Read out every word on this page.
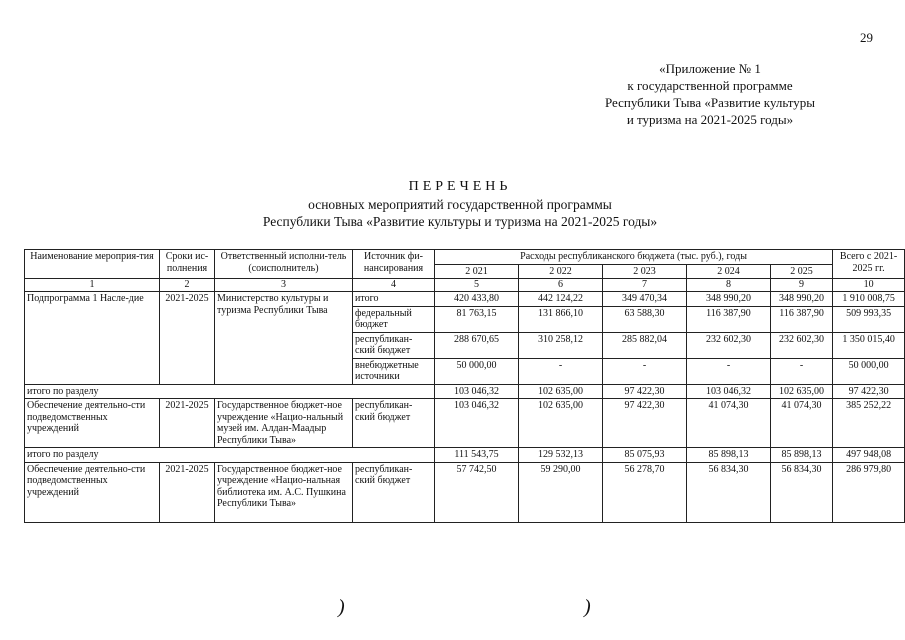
29
«Приложение № 1
к государственной программе
Республики Тыва «Развитие культуры
и туризма на 2021-2025 годы»
ПЕРЕЧЕНЬ
основных мероприятий государственной программы
Республики Тыва «Развитие культуры и туризма на 2021-2025 годы»
Наименование мероприя-тия	Сроки ис-полнения	Ответственный исполни-тель (соисполнитель)	Источник фи-нансирования	Расходы республиканского бюджета (тыс. руб.), годы					Всего с 2021-2025 гг.
				2 021	2 022	2 023	2 024	2 025	
1	2	3	4	5	6	7	8	9	10
Подпрограмма 1 Насле-дие	2021-2025	Министерство культуры и туризма Республики Тыва	итого	420 433,80	442 124,22	349 470,34	348 990,20	348 990,20	1 910 008,75
			федеральный бюджет	81 763,15	131 866,10	63 588,30	116 387,90	116 387,90	509 993,35
			республикан-ский бюджет	288 670,65	310 258,12	285 882,04	232 602,30	232 602,30	1 350 015,40
			внебюджетные источники	50 000,00	-	-	-	-	50 000,00
итого по разделу				103 046,32	102 635,00	97 422,30	103 046,32	102 635,00	97 422,30
Обеспечение деятельно-сти подведомственных учреждений	2021-2025	Государственное бюджет-ное учреждение «Нацио-нальный музей им. Алдан-Маадыр Республики Тыва»	республикан-ский бюджет	103 046,32	102 635,00	97 422,30	41 074,30	41 074,30	385 252,22
итого по разделу				111 543,75	129 532,13	85 075,93	85 898,13	85 898,13	497 948,08
Обеспечение деятельно-сти подведомственных учреждений	2021-2025	Государственное бюджет-ное учреждение «Нацио-нальная библиотека им. А.С. Пушкина Республики Тыва»	республикан-ский бюджет	57 742,50	59 290,00	56 278,70	56 834,30	56 834,30	286 979,80
)	)
